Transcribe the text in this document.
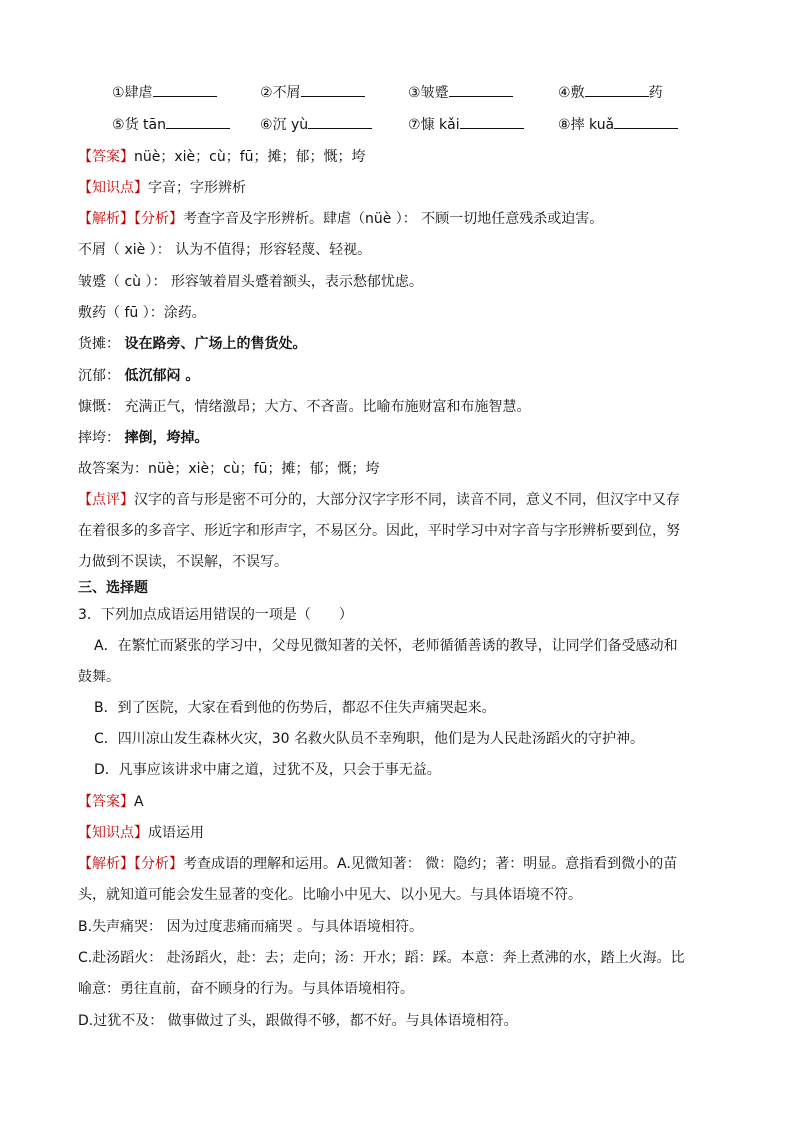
①肆虐	②不屑	③皱蹙	④敷	药
⑤货 tān	⑥沉 yù	⑦慷 kǎi	⑧摔 kuǎ
【答案】nüè；xiè；cù；fū；摊；郁；慨；垮
【知识点】字音；字形辨析
【解析】【分析】考查字音及字形辨析。肆虐（nüè ）： 不顾一切地任意残杀或迫害。
不屑（ xiè ）： 认为不值得；形容轻蔑、轻视。
皱蹙（ cù ）： 形容皱着眉头蹙着额头，表示愁郁忧虑。
敷药（ fū ）：涂药。
货摊： 设在路旁、广场上的售货处。
沉郁： 低沉郁闷 。
慷慨： 充满正气，情绪激昂；大方、不吝啬。比喻布施财富和布施智慧。
摔垮： 摔倒，垮掉。
故答案为：nüè；xiè；cù；fū；摊；郁；慨；垮
【点评】汉字的音与形是密不可分的，大部分汉字字形不同，读音不同，意义不同，但汉字中又存
在着很多的多音字、形近字和形声字，不易区分。因此，平时学习中对字音与字形辨析要到位，努
力做到不误读，不误解，不误写。
三、选择题
3．下列加点成语运用错误的一项是（　　）
A．在繁忙而紧张的学习中，父母见微知著的关怀，老师循循善诱的教导，让同学们备受感动和
鼓舞。
B．到了医院，大家在看到他的伤势后，都忍不住失声痛哭起来。
C．四川凉山发生森林火灾，30 名救火队员不幸殉职，他们是为人民赴汤蹈火的守护神。
D．凡事应该讲求中庸之道，过犹不及，只会于事无益。
【答案】A
【知识点】成语运用
【解析】【分析】考查成语的理解和运用。A.见微知著： 微：隐约；著：明显。意指看到微小的苗
头，就知道可能会发生显著的变化。比喻小中见大、以小见大。与具体语境不符。
B.失声痛哭： 因为过度悲痛而痛哭 。与具体语境相符。
C.赴汤蹈火： 赴汤蹈火，赴：去；走向；汤：开水；蹈：踩。本意：奔上煮沸的水，踏上火海。比
喻意：勇往直前，奋不顾身的行为。与具体语境相符。
D.过犹不及： 做事做过了头，跟做得不够，都不好。与具体语境相符。
